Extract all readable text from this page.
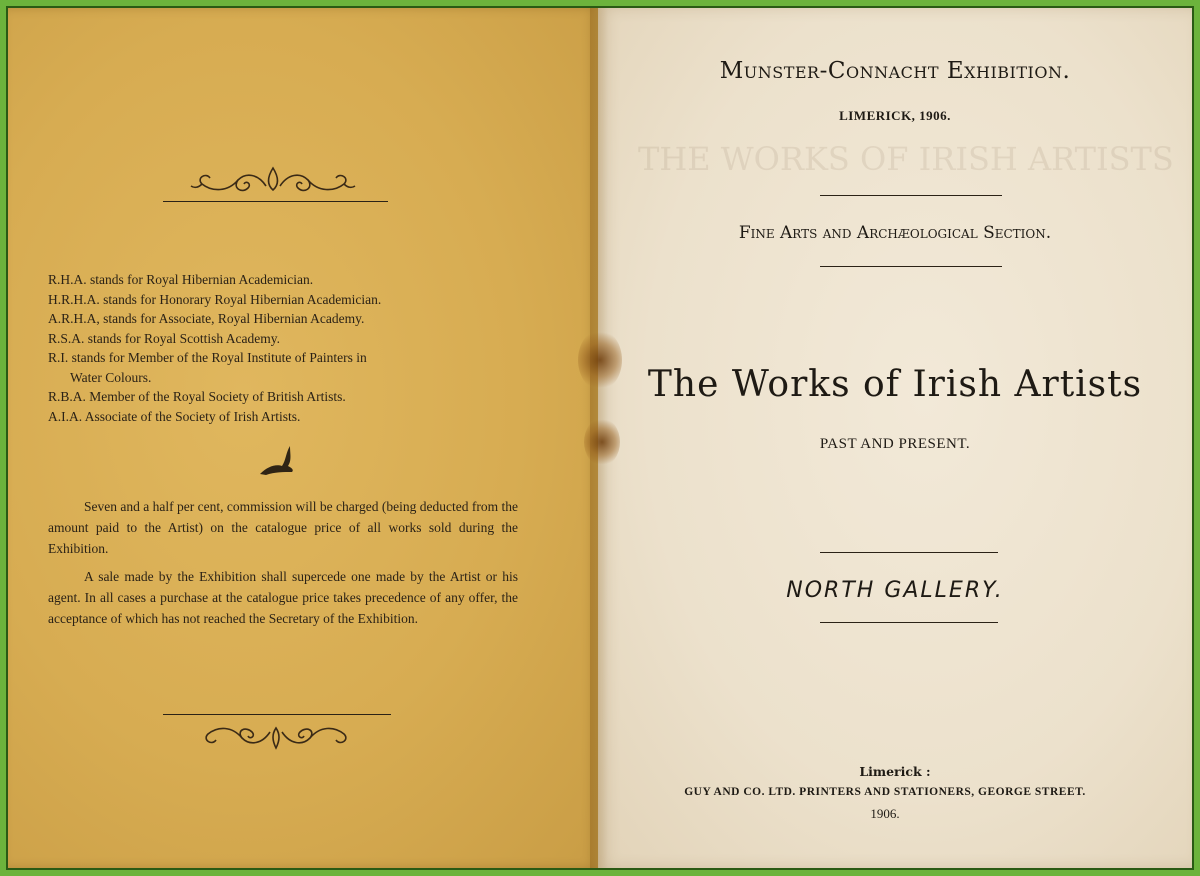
R.H.A. stands for Royal Hibernian Academician.

H.R.H.A. stands for Honorary Royal Hibernian Academician.

A.R.H.A, stands for Associate, Royal Hibernian Academy.

R.S.A. stands for Royal Scottish Academy.

R.I. stands for Member of the Royal Institute of Painters in

Water Colours.

R.B.A. Member of the Royal Society of British Artists.

A.I.A. Associate of the Society of Irish Artists.

Seven and a half per cent, commission will be charged (being deducted from the amount paid to the Artist) on the catalogue price of all works sold during the Exhibition.
A sale made by the Exhibition shall supercede one made by the Artist or his agent. In all cases a purchase at the catalogue price takes precedence of any offer, the acceptance of which has not reached the Secretary of the Exhibition.
THE WORKS OF IRISH ARTISTS
Munster-Connacht Exhibition.
LIMERICK, 1906.
Fine Arts and Archæological Section.
The Works of Irish Artists
PAST AND PRESENT.
NORTH GALLERY.
Limerick :
GUY AND CO. LTD. PRINTERS AND STATIONERS, GEORGE STREET.
1906.
